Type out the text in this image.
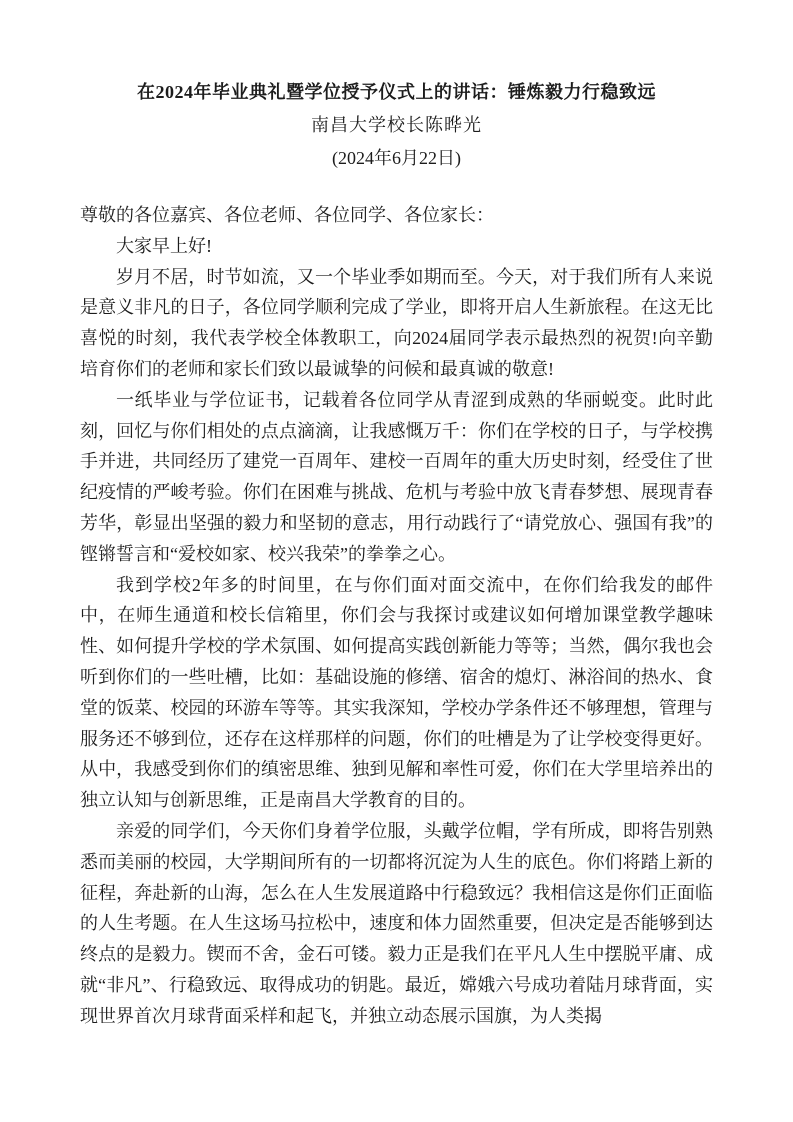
在2024年毕业典礼暨学位授予仪式上的讲话：锤炼毅力行稳致远
南昌大学校长陈晔光
(2024年6月22日)

尊敬的各位嘉宾、各位老师、各位同学、各位家长：

大家早上好!

岁月不居，时节如流，又一个毕业季如期而至。今天，对于我们所有人来说是意义非凡的日子，各位同学顺利完成了学业，即将开启人生新旅程。在这无比喜悦的时刻，我代表学校全体教职工，向2024届同学表示最热烈的祝贺!向辛勤培育你们的老师和家长们致以最诚挚的问候和最真诚的敬意!

一纸毕业与学位证书，记载着各位同学从青涩到成熟的华丽蜕变。此时此刻，回忆与你们相处的点点滴滴，让我感慨万千：你们在学校的日子，与学校携手并进，共同经历了建党一百周年、建校一百周年的重大历史时刻，经受住了世纪疫情的严峻考验。你们在困难与挑战、危机与考验中放飞青春梦想、展现青春芳华，彰显出坚强的毅力和坚韧的意志，用行动践行了“请党放心、强国有我”的铿锵誓言和“爱校如家、校兴我荣”的拳拳之心。

我到学校2年多的时间里，在与你们面对面交流中，在你们给我发的邮件中，在师生通道和校长信箱里，你们会与我探讨或建议如何增加课堂教学趣味性、如何提升学校的学术氛围、如何提高实践创新能力等等；当然，偶尔我也会听到你们的一些吐槽，比如：基础设施的修缮、宿舍的熄灯、淋浴间的热水、食堂的饭菜、校园的环游车等等。其实我深知，学校办学条件还不够理想，管理与服务还不够到位，还存在这样那样的问题，你们的吐槽是为了让学校变得更好。从中，我感受到你们的缜密思维、独到见解和率性可爱，你们在大学里培养出的独立认知与创新思维，正是南昌大学教育的目的。

亲爱的同学们，今天你们身着学位服，头戴学位帽，学有所成，即将告别熟悉而美丽的校园，大学期间所有的一切都将沉淀为人生的底色。你们将踏上新的征程，奔赴新的山海，怎么在人生发展道路中行稳致远？我相信这是你们正面临的人生考题。在人生这场马拉松中，速度和体力固然重要，但决定是否能够到达终点的是毅力。锲而不舍，金石可镂。毅力正是我们在平凡人生中摆脱平庸、成就“非凡”、行稳致远、取得成功的钥匙。最近，嫦娥六号成功着陆月球背面，实现世界首次月球背面采样和起飞，并独立动态展示国旗，为人类揭
